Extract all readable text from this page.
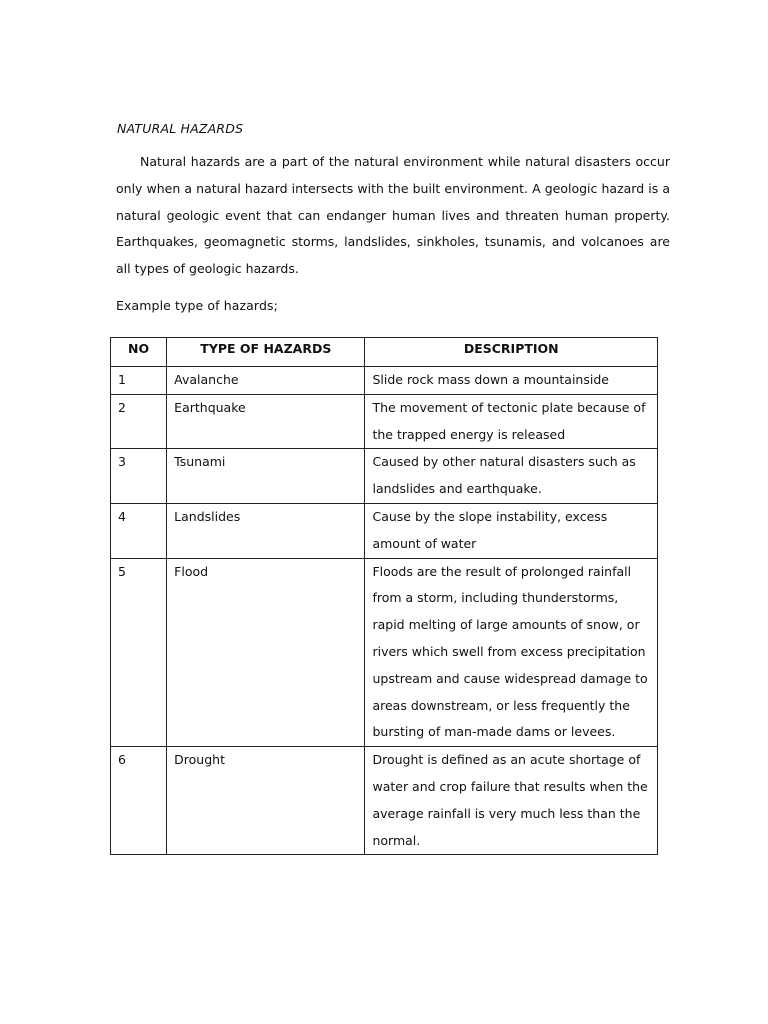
NATURAL HAZARDS

Natural hazards are a part of the natural environment while natural disasters occur only when a natural hazard intersects with the built environment. A geologic hazard is a natural geologic event that can endanger human lives and threaten human property. Earthquakes, geomagnetic storms, landslides, sinkholes, tsunamis, and volcanoes are all types of geologic hazards.

Example type of hazards;
NO	TYPE OF HAZARDS	DESCRIPTION
1	Avalanche	Slide rock mass down a mountainside
2	Earthquake	The movement of tectonic plate because of the trapped energy is released
3	Tsunami	Caused by other natural disasters such as landslides and earthquake.
4	Landslides	Cause by the slope instability, excess amount of water
5	Flood	Floods are the result of prolonged rainfall from a storm, including thunderstorms, rapid melting of large amounts of snow, or rivers which swell from excess precipitation upstream and cause widespread damage to areas downstream, or less frequently the bursting of man-made dams or levees.
6	Drought	Drought is defined as an acute shortage of water and crop failure that results when the average rainfall is very much less than the normal.
